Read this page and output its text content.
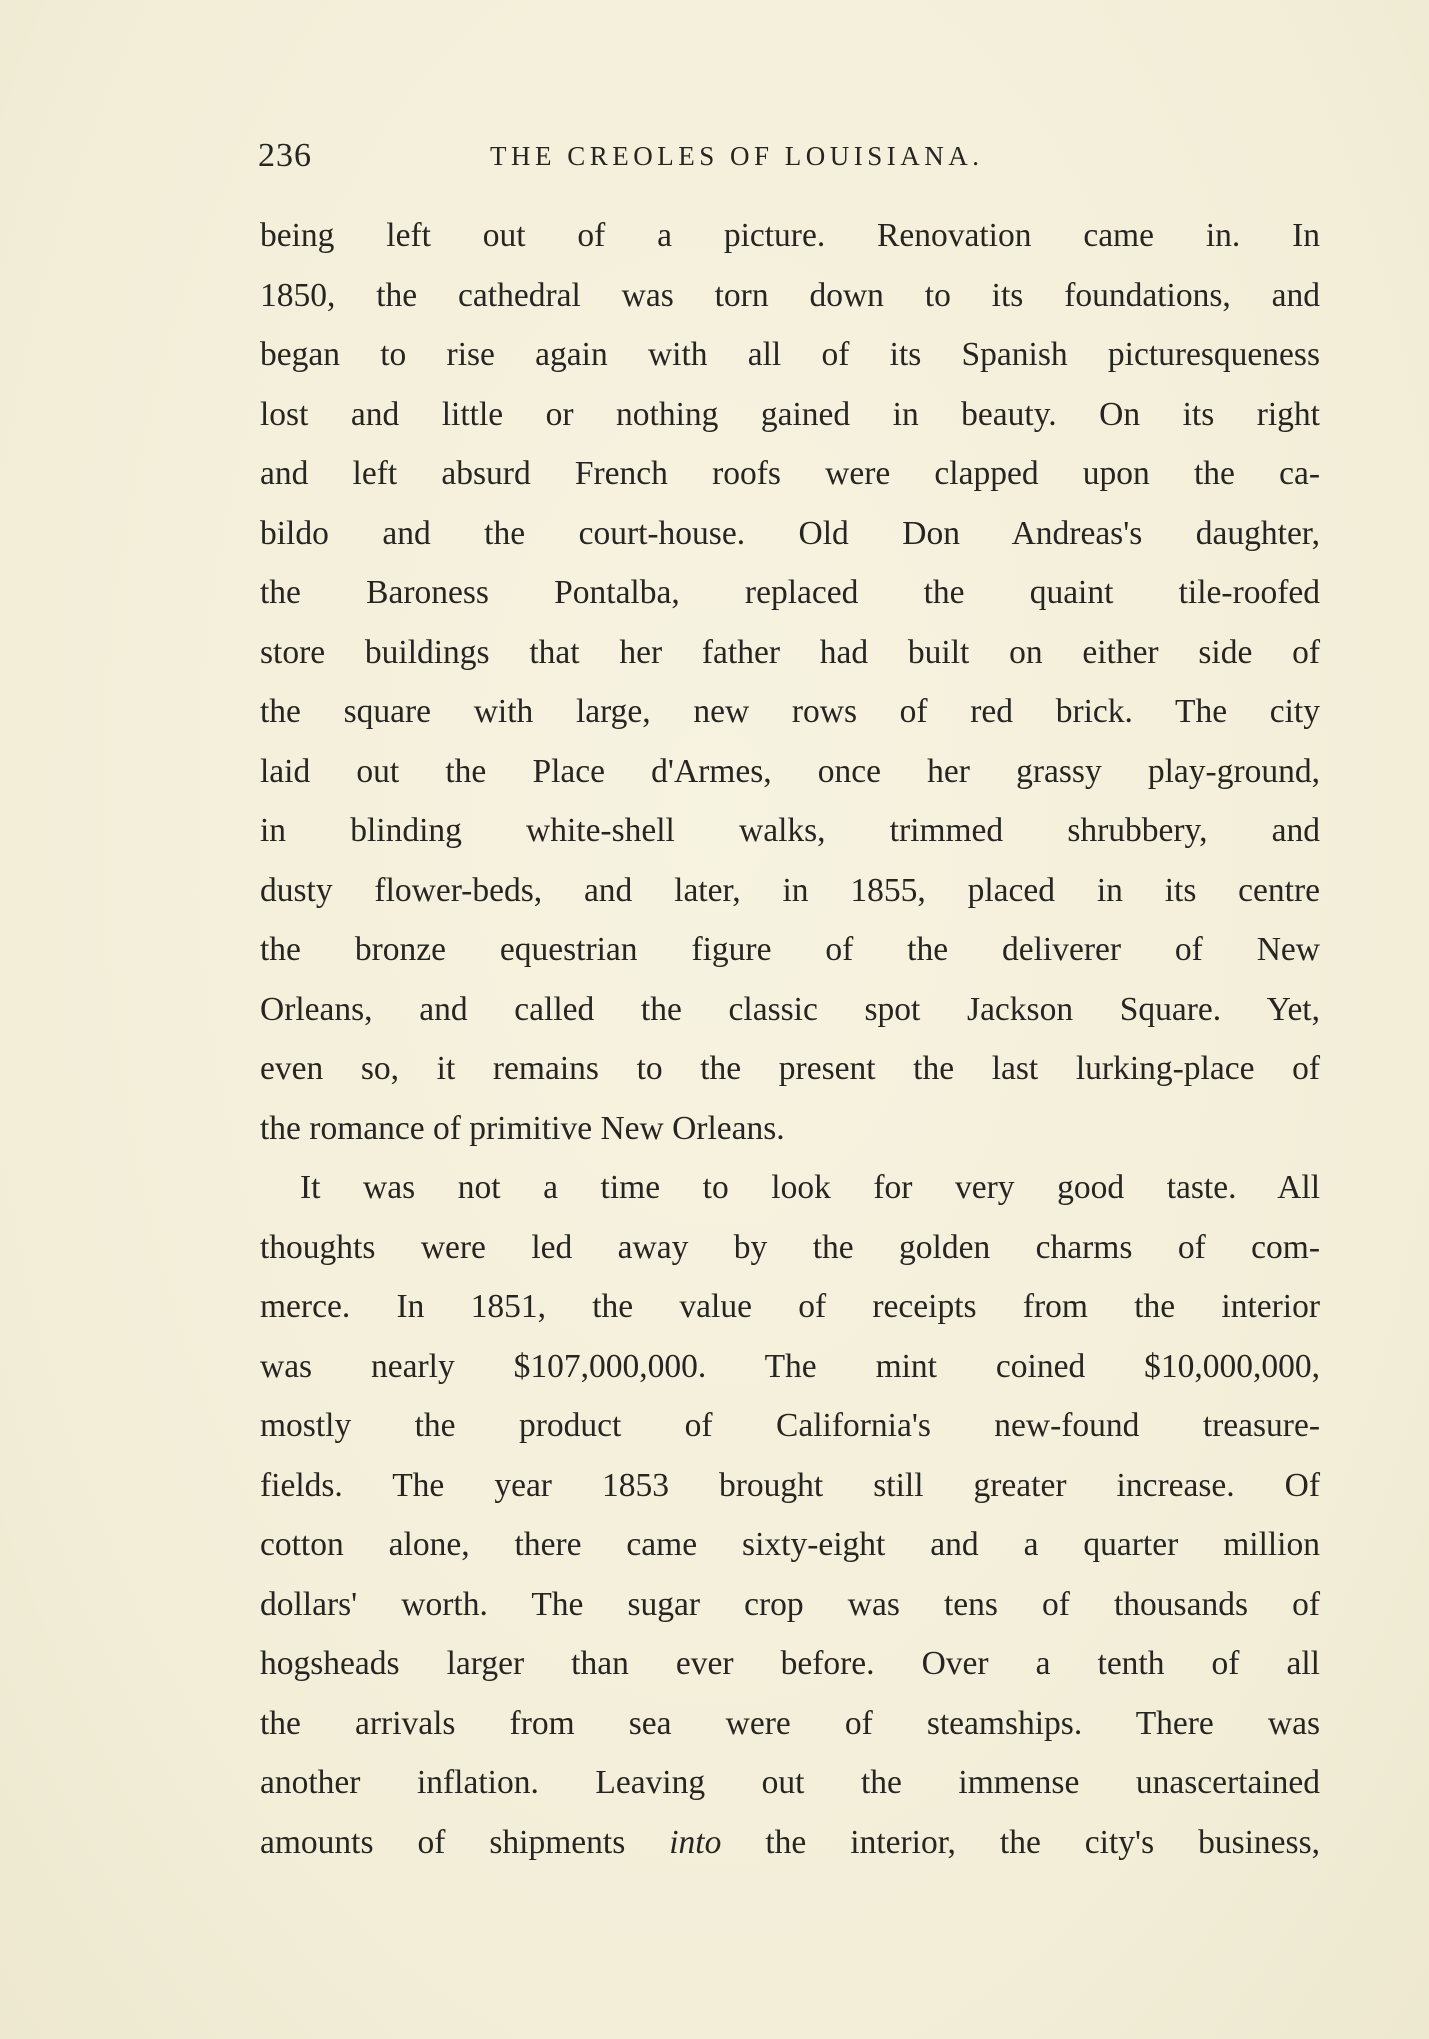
236	THE CREOLES OF LOUISIANA.
being left out of a picture. Renovation came in. In
1850, the cathedral was torn down to its foundations, and
began to rise again with all of its Spanish picturesqueness
lost and little or nothing gained in beauty. On its right
and left absurd French roofs were clapped upon the ca-
bildo and the court-house. Old Don Andreas's daughter,
the Baroness Pontalba, replaced the quaint tile-roofed
store buildings that her father had built on either side of
the square with large, new rows of red brick. The city
laid out the Place d'Armes, once her grassy play-ground,
in blinding white-shell walks, trimmed shrubbery, and
dusty flower-beds, and later, in 1855, placed in its centre
the bronze equestrian figure of the deliverer of New
Orleans, and called the classic spot Jackson Square. Yet,
even so, it remains to the present the last lurking-place of
the romance of primitive New Orleans.
It was not a time to look for very good taste. All
thoughts were led away by the golden charms of com-
merce. In 1851, the value of receipts from the interior
was nearly $107,000,000. The mint coined $10,000,000,
mostly the product of California's new-found treasure-
fields. The year 1853 brought still greater increase. Of
cotton alone, there came sixty-eight and a quarter million
dollars' worth. The sugar crop was tens of thousands of
hogsheads larger than ever before. Over a tenth of all
the arrivals from sea were of steamships. There was
another inflation. Leaving out the immense unascertained
amounts of shipments into the interior, the city's business,
